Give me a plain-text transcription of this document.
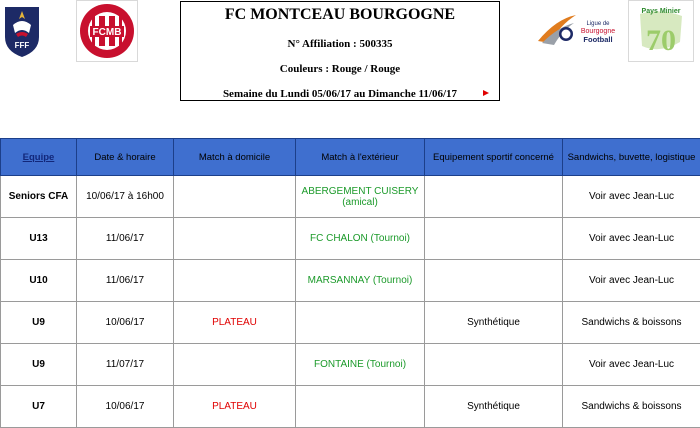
FFF
FCMB
Ligue de
Bourgogne
Football
Pays Minier
70
FC MONTCEAU BOURGOGNE
N° Affiliation : 500335
Couleurs : Rouge / Rouge
Semaine du Lundi 05/06/17 au Dimanche 11/06/17
Equipe	Date & horaire	Match à domicile	Match à l'extérieur	Equipement sportif concerné	Sandwichs, buvette, logistique
Seniors CFA	10/06/17 à 16h00		ABERGEMENT CUISERY (amical)		Voir avec Jean-Luc
U13	11/06/17		FC CHALON (Tournoi)		Voir avec Jean-Luc
U10	11/06/17		MARSANNAY (Tournoi)		Voir avec Jean-Luc
U9	10/06/17	PLATEAU		Synthétique	Sandwichs & boissons
U9	11/07/17		FONTAINE (Tournoi)		Voir avec Jean-Luc
U7	10/06/17	PLATEAU		Synthétique	Sandwichs & boissons
